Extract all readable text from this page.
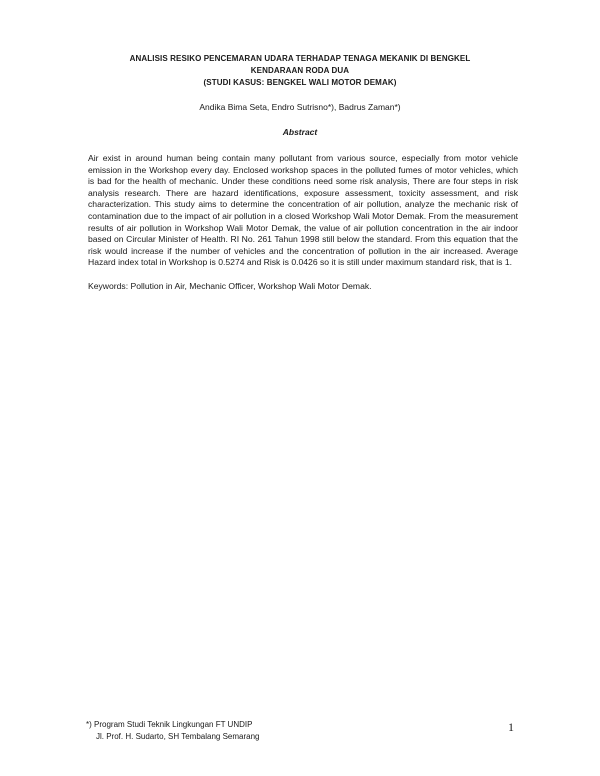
ANALISIS RESIKO PENCEMARAN UDARA TERHADAP TENAGA MEKANIK DI BENGKEL
KENDARAAN RODA DUA
(STUDI KASUS: BENGKEL WALI MOTOR DEMAK)
Andika Bima Seta, Endro Sutrisno*), Badrus Zaman*)
Abstract

Air exist in around human being contain many pollutant from various source, especially from motor vehicle emission in the Workshop every day. Enclosed workshop spaces in the polluted fumes of motor vehicles, which is bad for the health of mechanic. Under these conditions need some risk analysis, There are four steps in risk analysis research. There are hazard identifications, exposure assessment, toxicity assessment, and risk characterization. This study aims to determine the concentration of air pollution, analyze the mechanic risk of contamination due to the impact of air pollution in a closed Workshop Wali Motor Demak. From the measurement results of air pollution in Workshop Wali Motor Demak, the value of air pollution concentration in the air indoor based on Circular Minister of Health. RI No. 261 Tahun 1998 still below the standard. From this equation that the risk would increase if the number of vehicles and the concentration of pollution in the air increased. Average Hazard index total in Workshop is 0.5274 and Risk is 0.0426 so it is still under maximum standard risk, that is 1.

Keywords: Pollution in Air, Mechanic Officer, Workshop Wali Motor Demak.
*) Program Studi Teknik Lingkungan FT UNDIP
Jl. Prof. H. Sudarto, SH Tembalang Semarang
1
